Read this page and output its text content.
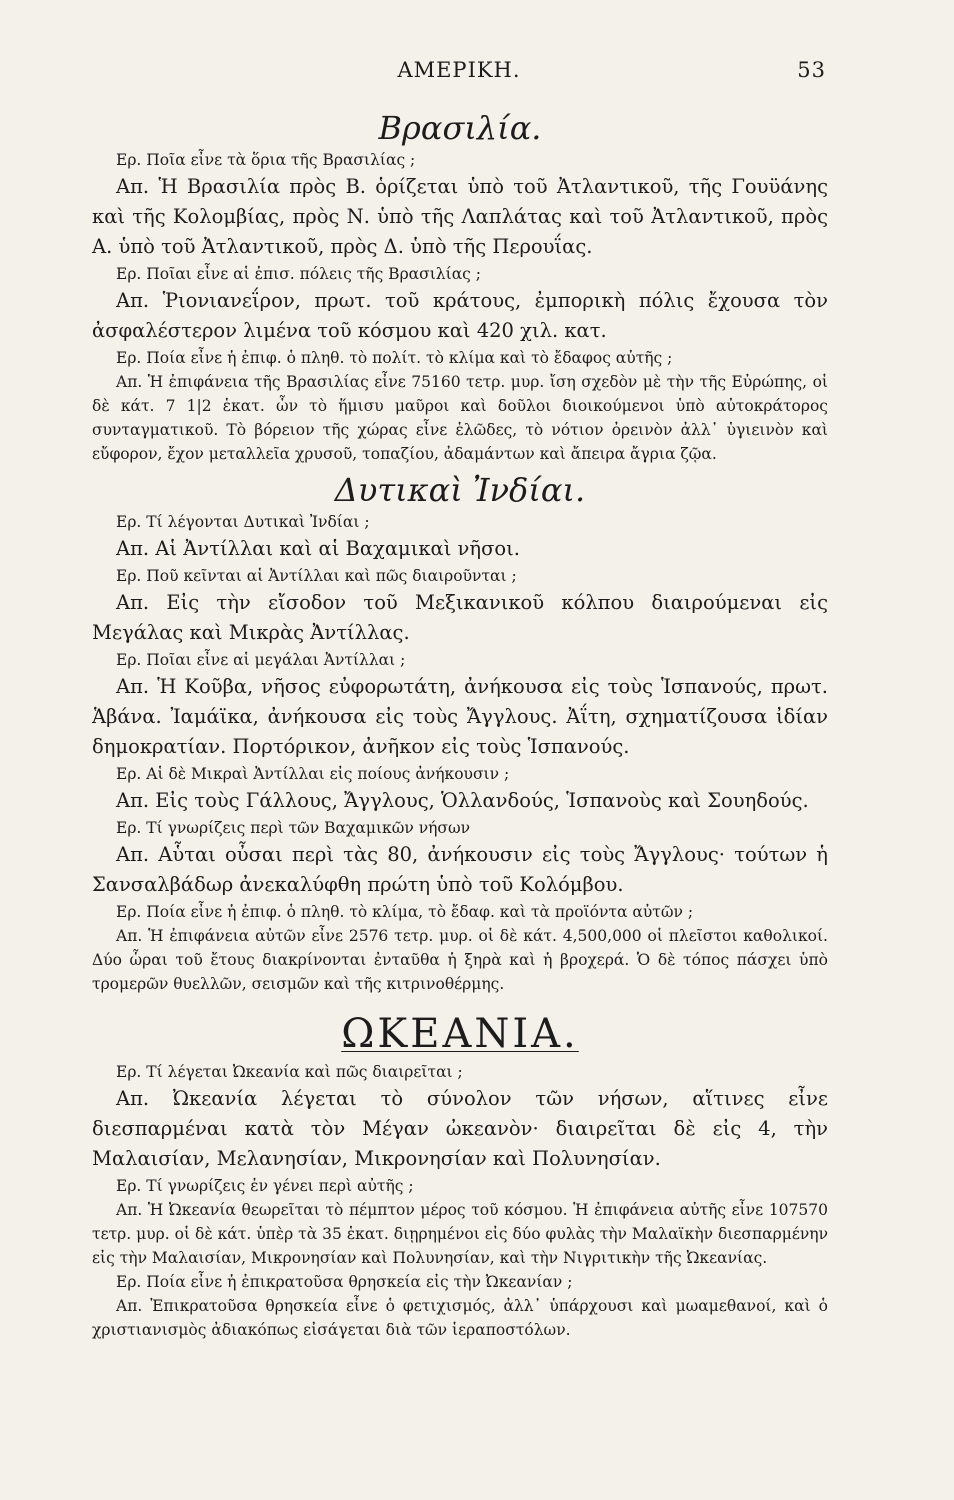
ΑΜΕΡΙΚΗ.	53
Βρασιλία.

Ερ. Ποῖα εἶνε τὰ ὅρια τῆς Βρασιλίας ;

Απ. Ἡ Βρασιλία πρὸς Β. ὁρίζεται ὑπὸ τοῦ Ἀτλαντικοῦ, τῆς Γουϋάνης καὶ τῆς Κολομβίας, πρὸς Ν. ὑπὸ τῆς Λαπλάτας καὶ τοῦ Ἀτλαντικοῦ, πρὸς Α. ὑπὸ τοῦ Ἀτλαντικοῦ, πρὸς Δ. ὑπὸ τῆς Περουΐας.

Ερ. Ποῖαι εἶνε αἱ ἐπισ. πόλεις τῆς Βρασιλίας ;

Απ. Ῥιονιανεΐρον, πρωτ. τοῦ κράτους, ἐμπορικὴ πόλις ἔχουσα τὸν ἀσφαλέστερον λιμένα τοῦ κόσμου καὶ 420 χιλ. κατ.

Ερ. Ποία εἶνε ἡ ἐπιφ. ὁ πληθ. τὸ πολίτ. τὸ κλίμα καὶ τὸ ἔδαφος αὐτῆς ;

Απ. Ἡ ἐπιφάνεια τῆς Βρασιλίας εἶνε 75160 τετρ. μυρ. ἴση σχεδὸν μὲ τὴν τῆς Εὐρώπης, οἱ δὲ κάτ. 7 1|2 ἑκατ. ὧν τὸ ἥμισυ μαῦροι καὶ δοῦλοι διοικούμενοι ὑπὸ αὐτοκράτορος συνταγματικοῦ. Τὸ βόρειον τῆς χώρας εἶνε ἑλῶδες, τὸ νότιον ὀρεινὸν ἀλλ᾽ ὑγιεινὸν καὶ εὔφορον, ἔχον μεταλλεῖα χρυσοῦ, τοπαζίου, ἀδαμάντων καὶ ἄπειρα ἄγρια ζῷα.

Δυτικαὶ Ἰνδίαι.

Ερ. Τί λέγονται Δυτικαὶ Ἰνδίαι ;

Απ. Αἱ Ἀντίλλαι καὶ αἱ Βαχαμικαὶ νῆσοι.

Ερ. Ποῦ κεῖνται αἱ Ἀντίλλαι καὶ πῶς διαιροῦνται ;

Απ. Εἰς τὴν εἴσοδον τοῦ Μεξικανικοῦ κόλπου διαιρούμεναι εἰς Μεγάλας καὶ Μικρὰς Ἀντίλλας.

Ερ. Ποῖαι εἶνε αἱ μεγάλαι Ἀντίλλαι ;

Απ. Ἡ Κοῦβα, νῆσος εὐφορωτάτη, ἀνήκουσα εἰς τοὺς Ἱσπανούς, πρωτ. Ἁβάνα. Ἰαμάϊκα, ἀνήκουσα εἰς τοὺς Ἄγγλους. Ἀΐτη, σχηματίζουσα ἰδίαν δημοκρατίαν. Πορτόρικον, ἀνῆκον εἰς τοὺς Ἱσπανούς.

Ερ. Αἱ δὲ Μικραὶ Ἀντίλλαι εἰς ποίους ἀνήκουσιν ;

Απ. Εἰς τοὺς Γάλλους, Ἄγγλους, Ὁλλανδούς, Ἱσπανοὺς καὶ Σουηδούς.

Ερ. Τί γνωρίζεις περὶ τῶν Βαχαμικῶν νήσων

Απ. Αὗται οὖσαι περὶ τὰς 80, ἀνήκουσιν εἰς τοὺς Ἄγγλους· τούτων ἡ Σανσαλβάδωρ ἀνεκαλύφθη πρώτη ὑπὸ τοῦ Κολόμβου.

Ερ. Ποία εἶνε ἡ ἐπιφ. ὁ πληθ. τὸ κλίμα, τὸ ἔδαφ. καὶ τὰ προϊόντα αὐτῶν ;

Απ. Ἡ ἐπιφάνεια αὐτῶν εἶνε 2576 τετρ. μυρ. οἱ δὲ κάτ. 4,500,000 οἱ πλεῖστοι καθολικοί. Δύο ὧραι τοῦ ἔτους διακρίνονται ἐνταῦθα ἡ ξηρὰ καὶ ἡ βροχερά. Ὁ δὲ τόπος πάσχει ὑπὸ τρομερῶν θυελλῶν, σεισμῶν καὶ τῆς κιτρινοθέρμης.

ΩΚΕΑΝΙΑ.

Ερ. Τί λέγεται Ὠκεανία καὶ πῶς διαιρεῖται ;

Απ. Ὠκεανία λέγεται τὸ σύνολον τῶν νήσων, αἵτινες εἶνε διεσπαρμέναι κατὰ τὸν Μέγαν ὠκεανὸν· διαιρεῖται δὲ εἰς 4, τὴν Μαλαισίαν, Μελανησίαν, Μικρονησίαν καὶ Πολυνησίαν.

Ερ. Τί γνωρίζεις ἐν γένει περὶ αὐτῆς ;

Απ. Ἡ Ὠκεανία θεωρεῖται τὸ πέμπτον μέρος τοῦ κόσμου. Ἡ ἐπιφάνεια αὐτῆς εἶνε 107570 τετρ. μυρ. οἱ δὲ κάτ. ὑπὲρ τὰ 35 ἑκατ. διῃρημένοι εἰς δύο φυλὰς τὴν Μαλαϊκὴν διεσπαρμένην εἰς τὴν Μαλαισίαν, Μικρονησίαν καὶ Πολυνησίαν, καὶ τὴν Νιγριτικὴν τῆς Ὠκεανίας.

Ερ. Ποία εἶνε ἡ ἐπικρατοῦσα θρησκεία εἰς τὴν Ὠκεανίαν ;

Απ. Ἐπικρατοῦσα θρησκεία εἶνε ὁ φετιχισμός, ἀλλ᾽ ὑπάρχουσι καὶ μωαμεθανοί, καὶ ὁ χριστιανισμὸς ἀδιακόπως εἰσάγεται διὰ τῶν ἱεραποστόλων.
